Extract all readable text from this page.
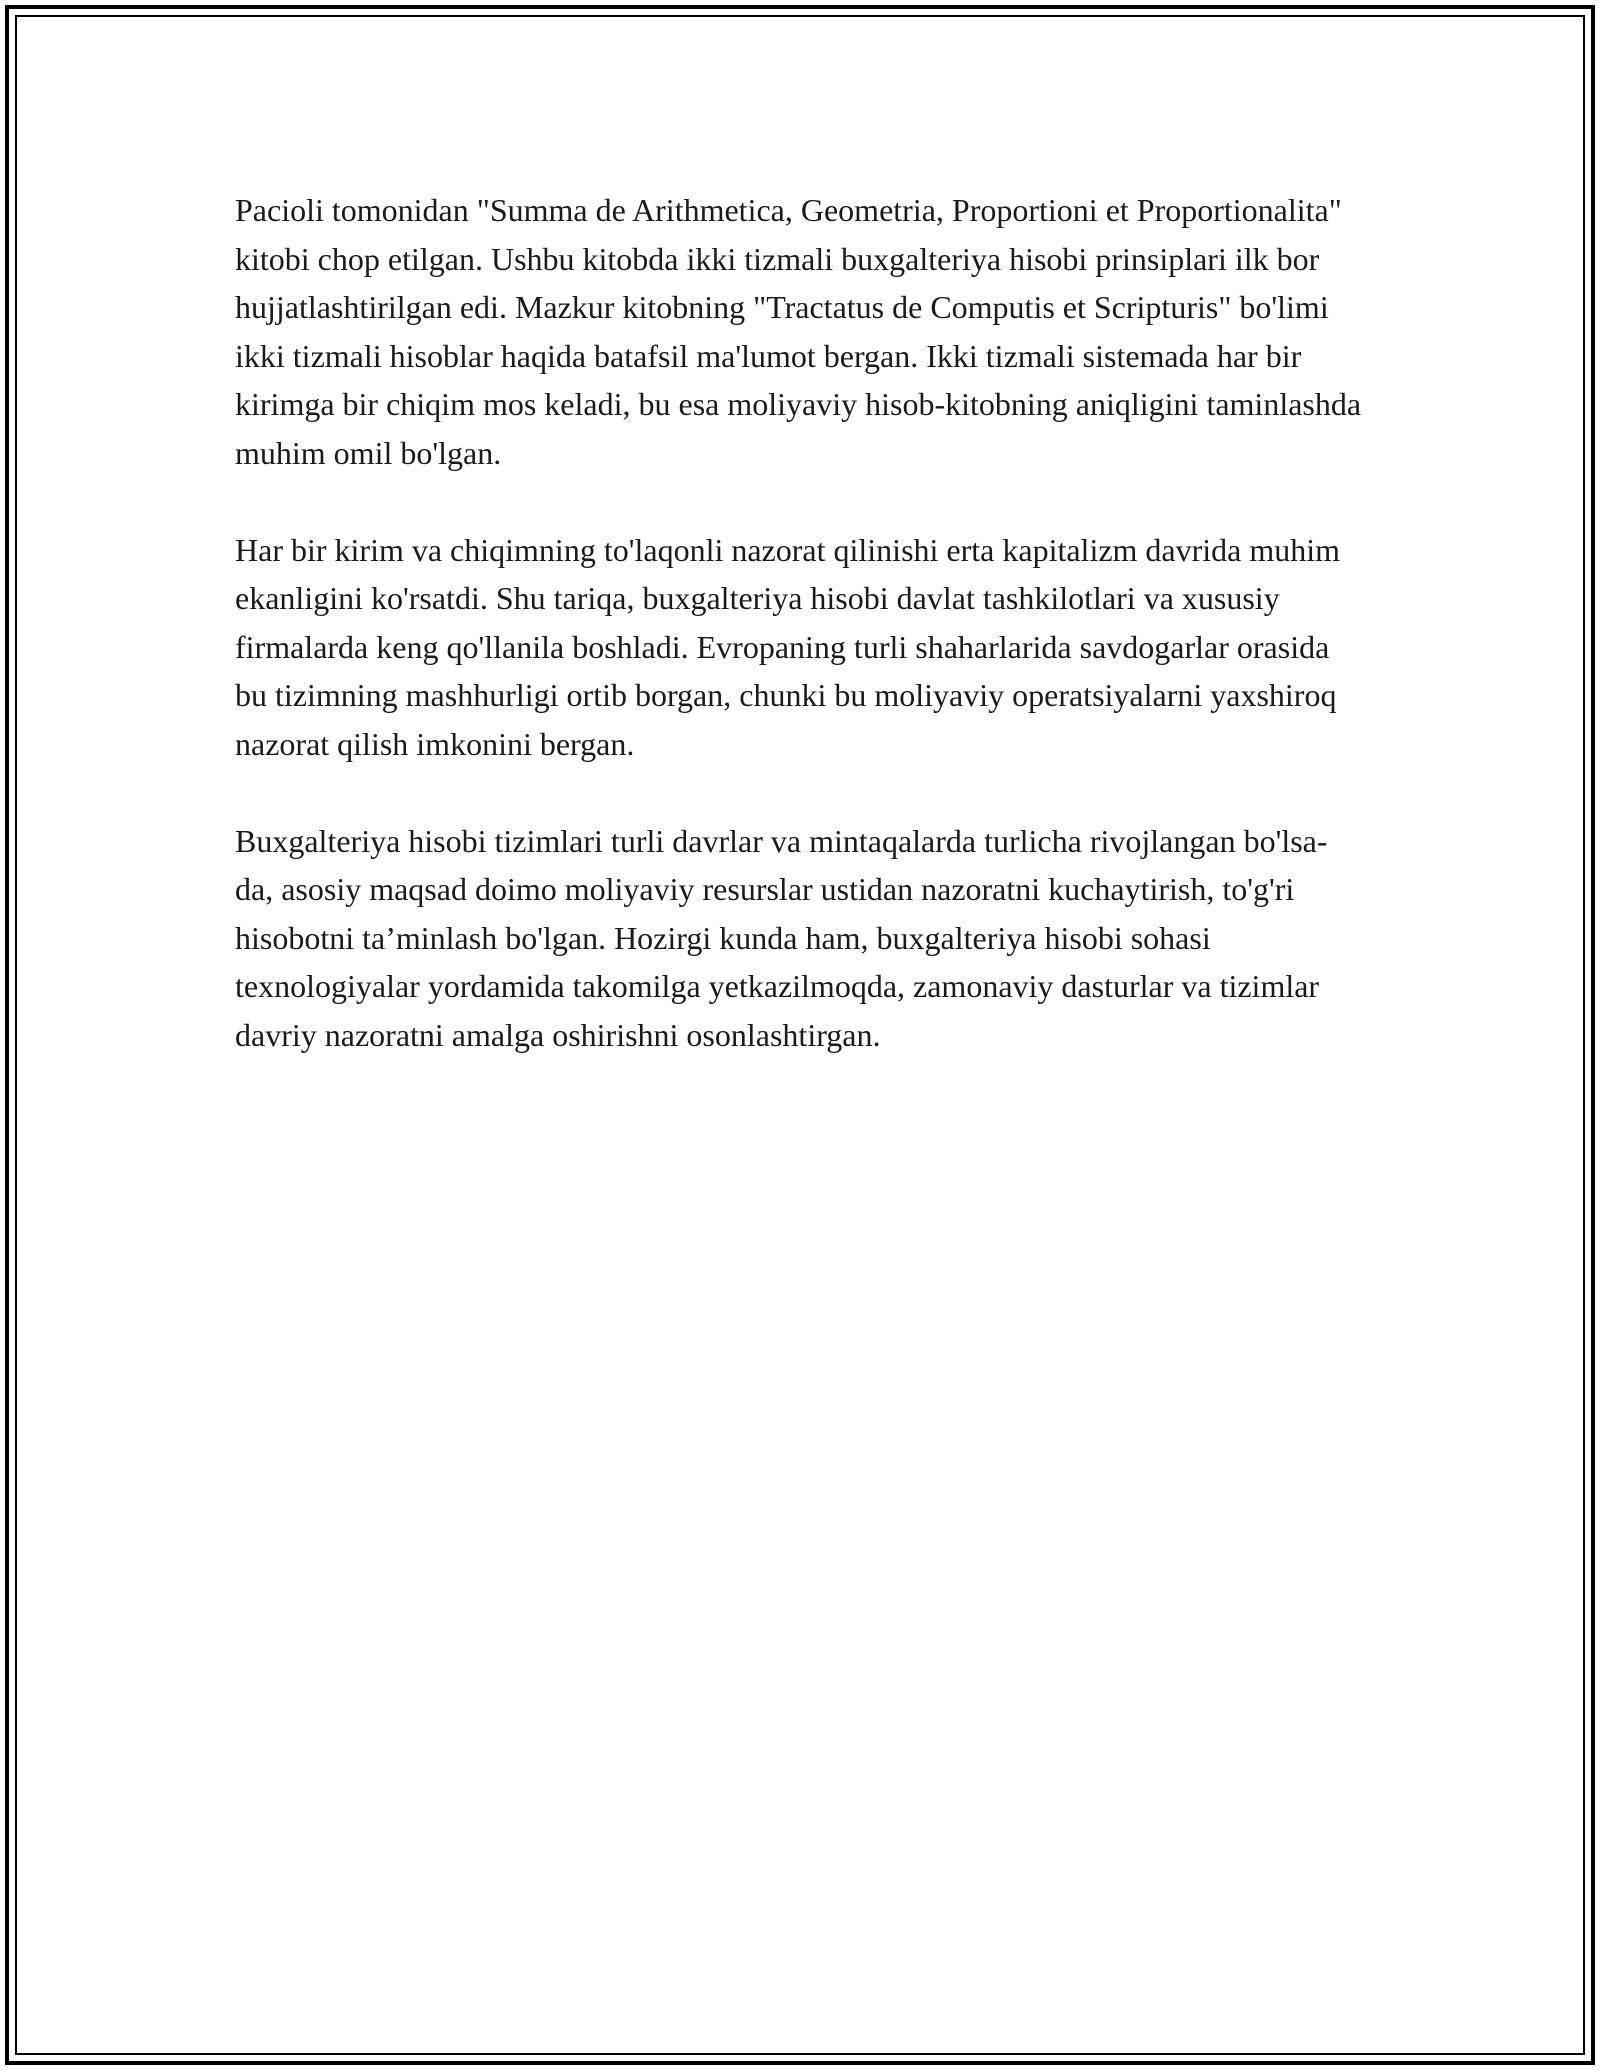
Pacioli tomonidan "Summa de Arithmetica, Geometria, Proportioni et Proportionalita" kitobi chop etilgan. Ushbu kitobda ikki tizmali buxgalteriya hisobi prinsiplari ilk bor hujjatlashtirilgan edi. Mazkur kitobning "Tractatus de Computis et Scripturis" bo'limi ikki tizmali hisoblar haqida batafsil ma'lumot bergan. Ikki tizmali sistemada har bir kirimga bir chiqim mos keladi, bu esa moliyaviy hisob-kitobning aniqligini taminlashda muhim omil bo'lgan.

Har bir kirim va chiqimning to'laqonli nazorat qilinishi erta kapitalizm davrida muhim ekanligini ko'rsatdi. Shu tariqa, buxgalteriya hisobi davlat tashkilotlari va xususiy firmalarda keng qo'llanila boshladi. Evropaning turli shaharlarida savdogarlar orasida bu tizimning mashhurligi ortib borgan, chunki bu moliyaviy operatsiyalarni yaxshiroq nazorat qilish imkonini bergan.

Buxgalteriya hisobi tizimlari turli davrlar va mintaqalarda turlicha rivojlangan bo'lsa-da, asosiy maqsad doimo moliyaviy resurslar ustidan nazoratni kuchaytirish, to'g'ri hisobotni ta’minlash bo'lgan. Hozirgi kunda ham, buxgalteriya hisobi sohasi texnologiyalar yordamida takomilga yetkazilmoqda, zamonaviy dasturlar va tizimlar davriy nazoratni amalga oshirishni osonlashtirgan.
